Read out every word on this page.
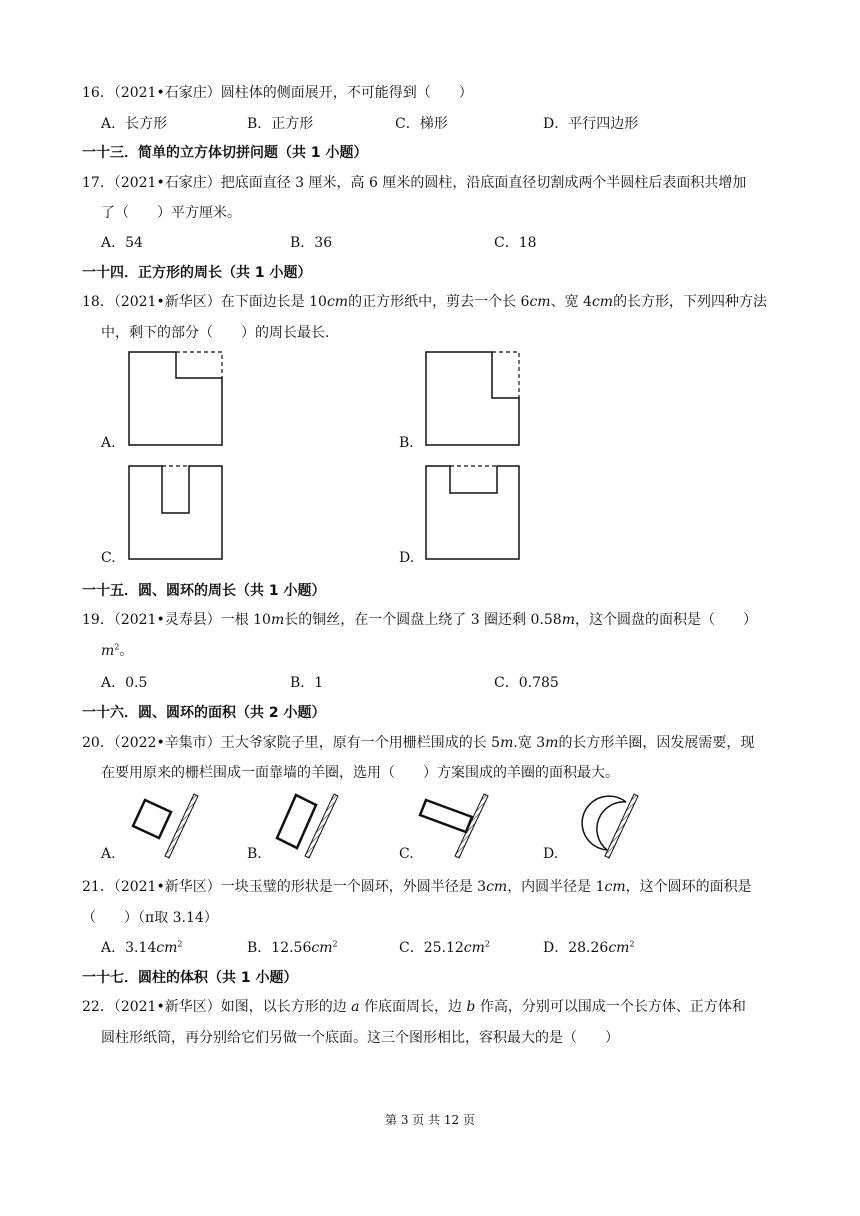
16．（2021•石家庄）圆柱体的侧面展开，不可能得到（　　）
A．长方形	B．正方形	C．梯形	D．平行四边形
一十三．简单的立方体切拼问题（共 1 小题）
17．（2021•石家庄）把底面直径 3 厘米，高 6 厘米的圆柱，沿底面直径切割成两个半圆柱后表面积共增加
了（　　）平方厘米。
A．54	B．36	C．18
一十四．正方形的周长（共 1 小题）
18．（2021•新华区）在下面边长是 10cm的正方形纸中，剪去一个长 6cm、宽 4cm的长方形，下列四种方法
中，剩下的部分（　　）的周长最长.
A.	B.
C.	D.
一十五．圆、圆环的周长（共 1 小题）
19．（2021•灵寿县）一根 10m长的铜丝，在一个圆盘上绕了 3 圈还剩 0.58m，这个圆盘的面积是（　　）
$m^2$。
A．0.5	B．1	C．0.785
一十六．圆、圆环的面积（共 2 小题）
20．（2022•辛集市）王大爷家院子里，原有一个用栅栏围成的长 5m.宽 3m的长方形羊圈，因发展需要，现
在要用原来的栅栏围成一面靠墙的羊圈，选用（　　）方案围成的羊圈的面积最大。
A.	B.	C.	D.
21．（2021•新华区）一块玉璧的形状是一个圆环，外圆半径是 3cm，内圆半径是 1cm，这个圆环的面积是
（　　）（π取 3.14）
A．$3.14cm^2$	B．$12.56cm^2$	C．$25.12cm^2$	D．$28.26cm^2$
一十七．圆柱的体积（共 1 小题）
22．（2021•新华区）如图，以长方形的边 a 作底面周长，边 b 作高，分别可以围成一个长方体、正方体和
圆柱形纸筒，再分别给它们另做一个底面。这三个图形相比，容积最大的是（　　）
第 3 页 共 12 页
